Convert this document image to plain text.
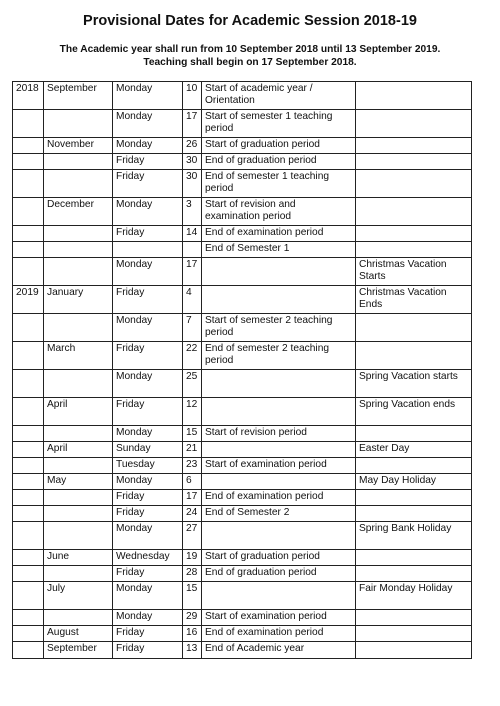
Provisional Dates for Academic Session 2018-19
The Academic year shall run from 10 September 2018 until 13 September 2019.
Teaching shall begin on 17 September 2018.
2018	September	Monday	10	Start of academic year / Orientation	
		Monday	17	Start of semester 1 teaching period	
	November	Monday	26	Start of graduation period	
		Friday	30	End of graduation period	
		Friday	30	End of semester 1 teaching period	
	December	Monday	3	Start of revision and examination period	
		Friday	14	End of examination period	
				End of Semester 1	
		Monday	17		Christmas Vacation Starts
2019	January	Friday	4		Christmas Vacation Ends
		Monday	7	Start of semester 2 teaching period	
	March	Friday	22	End of semester 2 teaching period	
		Monday	25		Spring Vacation starts
	April	Friday	12		Spring Vacation ends
		Monday	15	Start of revision period	
	April	Sunday	21		Easter Day
		Tuesday	23	Start of examination period	
	May	Monday	6		May Day Holiday
		Friday	17	End of examination period	
		Friday	24	End of Semester 2	
		Monday	27		Spring Bank Holiday
	June	Wednesday	19	Start of graduation period	
		Friday	28	End of graduation period	
	July	Monday	15		Fair Monday Holiday
		Monday	29	Start of examination period	
	August	Friday	16	End of examination period	
	September	Friday	13	End of Academic year	
